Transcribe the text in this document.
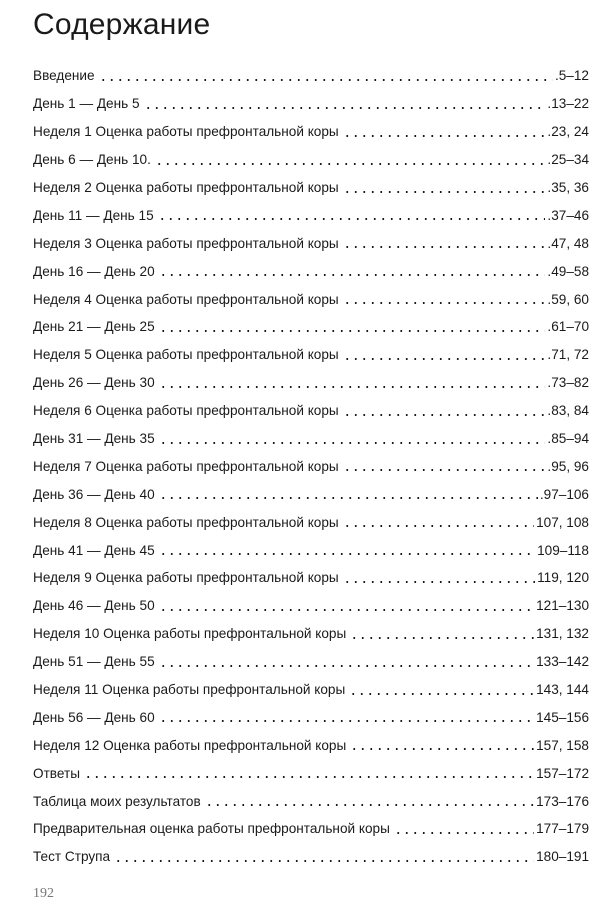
Содержание
Введение	.5–12
День 1 — День 5	.13–22
Неделя 1 Оценка работы префронтальной коры	.23, 24
День 6 — День 10.	.25–34
Неделя 2 Оценка работы префронтальной коры	.35, 36
День 11 — День 15	.37–46
Неделя 3 Оценка работы префронтальной коры	.47, 48
День 16 — День 20	.49–58
Неделя 4 Оценка работы префронтальной коры	.59, 60
День 21 — День 25	.61–70
Неделя 5 Оценка работы префронтальной коры	.71, 72
День 26 — День 30	.73–82
Неделя 6 Оценка работы префронтальной коры	.83, 84
День 31 — День 35	.85–94
Неделя 7 Оценка работы префронтальной коры	.95, 96
День 36 — День 40	.97–106
Неделя 8 Оценка работы префронтальной коры	107, 108
День 41 — День 45	109–118
Неделя 9 Оценка работы префронтальной коры	119, 120
День 46 — День 50	121–130
Неделя 10 Оценка работы префронтальной коры	131, 132
День 51 — День 55	133–142
Неделя 11 Оценка работы префронтальной коры	143, 144
День 56 — День 60	145–156
Неделя 12 Оценка работы префронтальной коры	157, 158
Ответы	157–172
Таблица моих результатов	173–176
Предварительная оценка работы префронтальной коры	177–179
Тест Струпа	180–191
192
